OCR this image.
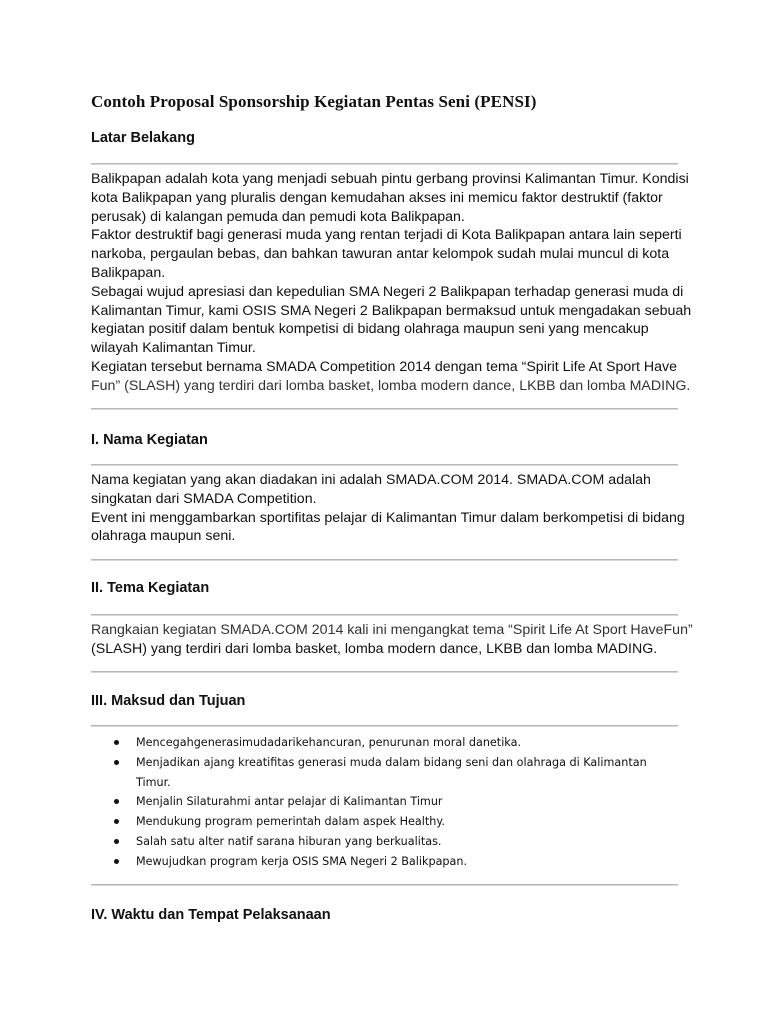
Contoh Proposal Sponsorship Kegiatan Pentas Seni (PENSI)
Latar Belakang

Balikpapan adalah kota yang menjadi sebuah pintu gerbang provinsi Kalimantan Timur. Kondisi

kota Balikpapan yang pluralis dengan kemudahan akses ini memicu faktor destruktif (faktor

perusak) di kalangan pemuda dan pemudi kota Balikpapan.

Faktor destruktif bagi generasi muda yang rentan terjadi di Kota Balikpapan antara lain seperti

narkoba, pergaulan bebas, dan bahkan tawuran antar kelompok sudah mulai muncul di kota

Balikpapan.

Sebagai wujud apresiasi dan kepedulian SMA Negeri 2 Balikpapan terhadap generasi muda di

Kalimantan Timur, kami OSIS SMA Negeri 2 Balikpapan bermaksud untuk mengadakan sebuah

kegiatan positif dalam bentuk kompetisi di bidang olahraga maupun seni yang mencakup

wilayah Kalimantan Timur.

Kegiatan tersebut bernama SMADA Competition 2014 dengan tema “Spirit Life At Sport Have

Fun” (SLASH) yang terdiri dari lomba basket, lomba modern dance, LKBB dan lomba MADING.

I. Nama Kegiatan

Nama kegiatan yang akan diadakan ini adalah SMADA.COM 2014. SMADA.COM adalah

singkatan dari SMADA Competition.

Event ini menggambarkan sportifitas pelajar di Kalimantan Timur dalam berkompetisi di bidang

olahraga maupun seni.

II. Tema Kegiatan

Rangkaian kegiatan SMADA.COM 2014 kali ini mengangkat tema “Spirit Life At Sport HaveFun”

(SLASH) yang terdiri dari lomba basket, lomba modern dance, LKBB dan lomba MADING.

III. Maksud dan Tujuan
Mencegahgenerasimudadarikehancuran, penurunan moral danetika.
Menjadikan ajang kreatifitas generasi muda dalam bidang seni dan olahraga di Kalimantan
Timur.
Menjalin Silaturahmi antar pelajar di Kalimantan Timur
Mendukung program pemerintah dalam aspek Healthy.
Salah satu alter natif sarana hiburan yang berkualitas.
Mewujudkan program kerja OSIS SMA Negeri 2 Balikpapan.
IV. Waktu dan Tempat Pelaksanaan
